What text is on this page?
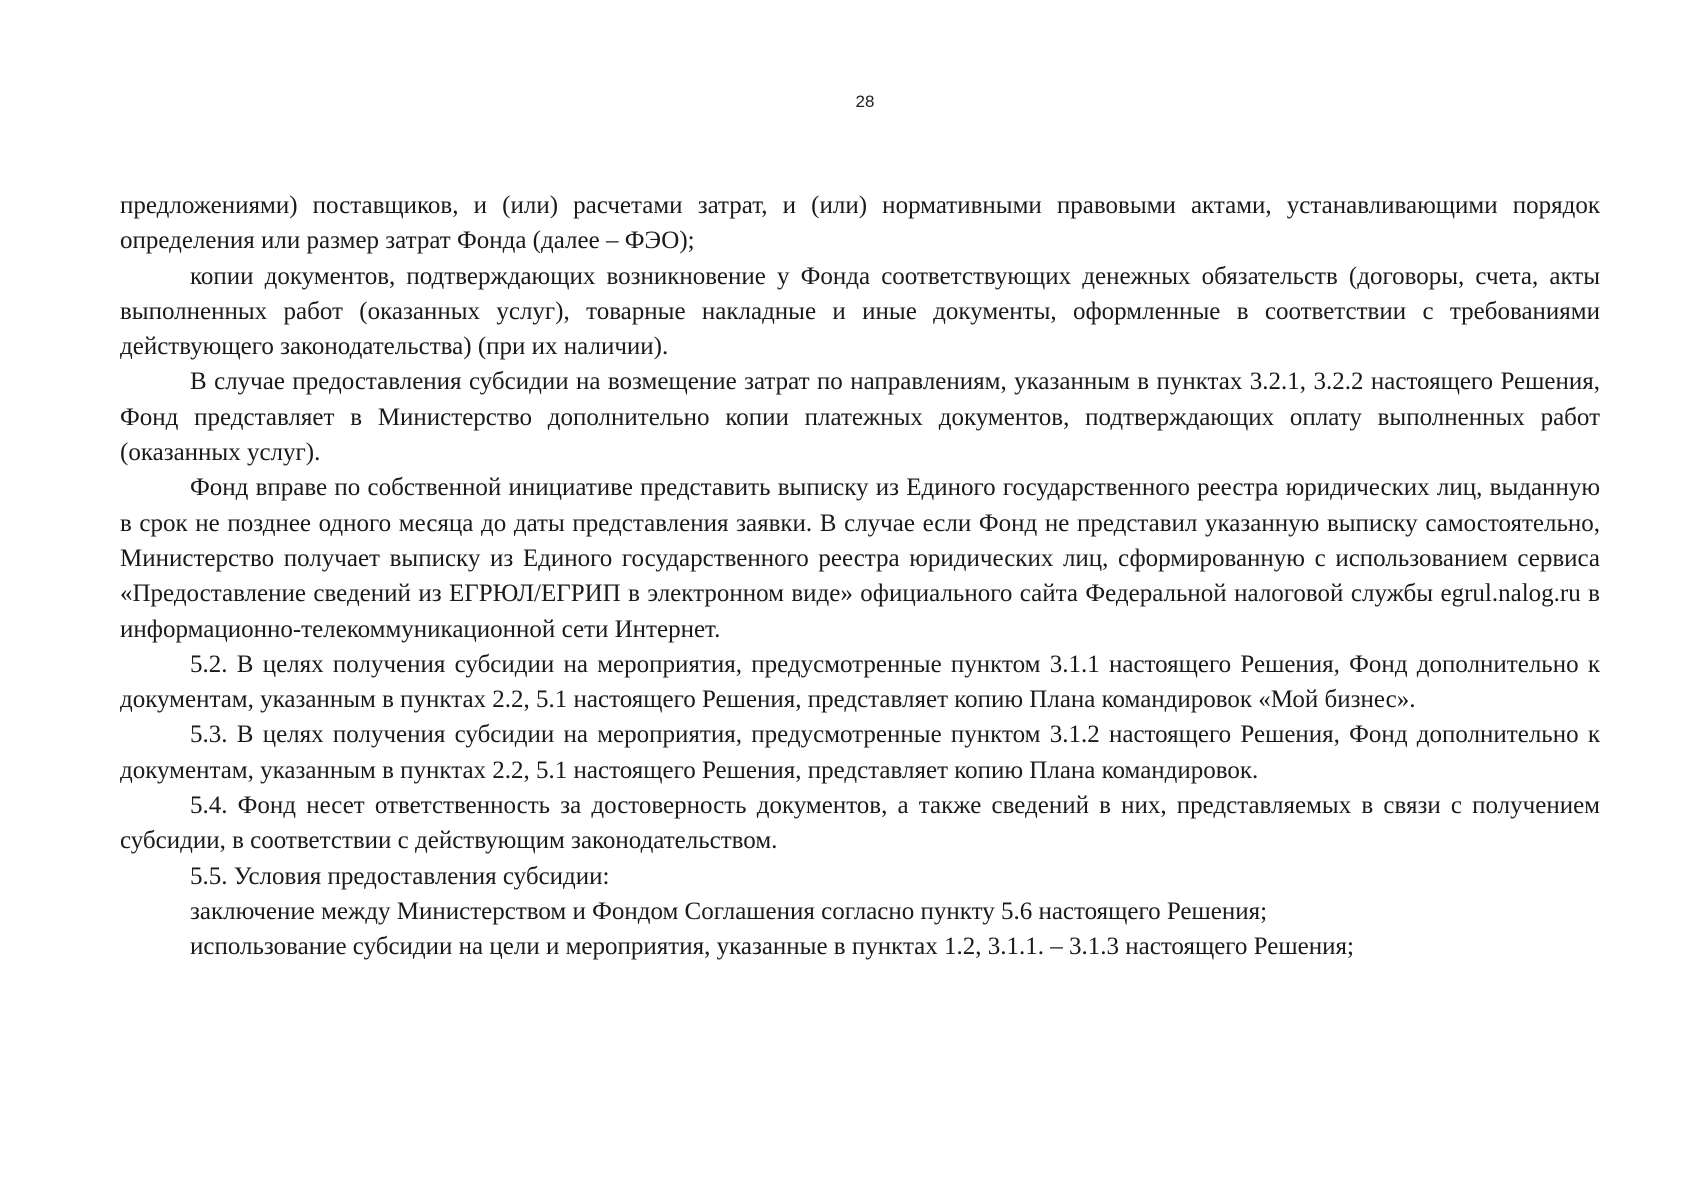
28

предложениями) поставщиков, и (или) расчетами затрат, и (или) нормативными правовыми актами, устанавливающими порядок определения или размер затрат Фонда (далее – ФЭО);

копии документов, подтверждающих возникновение у Фонда соответствующих денежных обязательств (договоры, счета, акты выполненных работ (оказанных услуг), товарные накладные и иные документы, оформленные в соответствии с требованиями действующего законодательства) (при их наличии).

В случае предоставления субсидии на возмещение затрат по направлениям, указанным в пунктах 3.2.1, 3.2.2 настоящего Решения, Фонд представляет в Министерство дополнительно копии платежных документов, подтверждающих оплату выполненных работ (оказанных услуг).

Фонд вправе по собственной инициативе представить выписку из Единого государственного реестра юридических лиц, выданную в срок не позднее одного месяца до даты представления заявки. В случае если Фонд не представил указанную выписку самостоятельно, Министерство получает выписку из Единого государственного реестра юридических лиц, сформированную с использованием сервиса «Предоставление сведений из ЕГРЮЛ/ЕГРИП в электронном виде» официального сайта Федеральной налоговой службы egrul.nalog.ru в информационно-телекоммуникационной сети Интернет.

5.2. В целях получения субсидии на мероприятия, предусмотренные пунктом 3.1.1 настоящего Решения, Фонд дополнительно к документам, указанным в пунктах 2.2, 5.1 настоящего Решения, представляет копию Плана командировок «Мой бизнес».

5.3. В целях получения субсидии на мероприятия, предусмотренные пунктом 3.1.2 настоящего Решения, Фонд дополнительно к документам, указанным в пунктах 2.2, 5.1 настоящего Решения, представляет копию Плана командировок.

5.4. Фонд несет ответственность за достоверность документов, а также сведений в них, представляемых в связи с получением субсидии, в соответствии с действующим законодательством.

5.5. Условия предоставления субсидии:

заключение между Министерством и Фондом Соглашения согласно пункту 5.6 настоящего Решения;

использование субсидии на цели и мероприятия, указанные в пунктах 1.2, 3.1.1. – 3.1.3 настоящего Решения;
